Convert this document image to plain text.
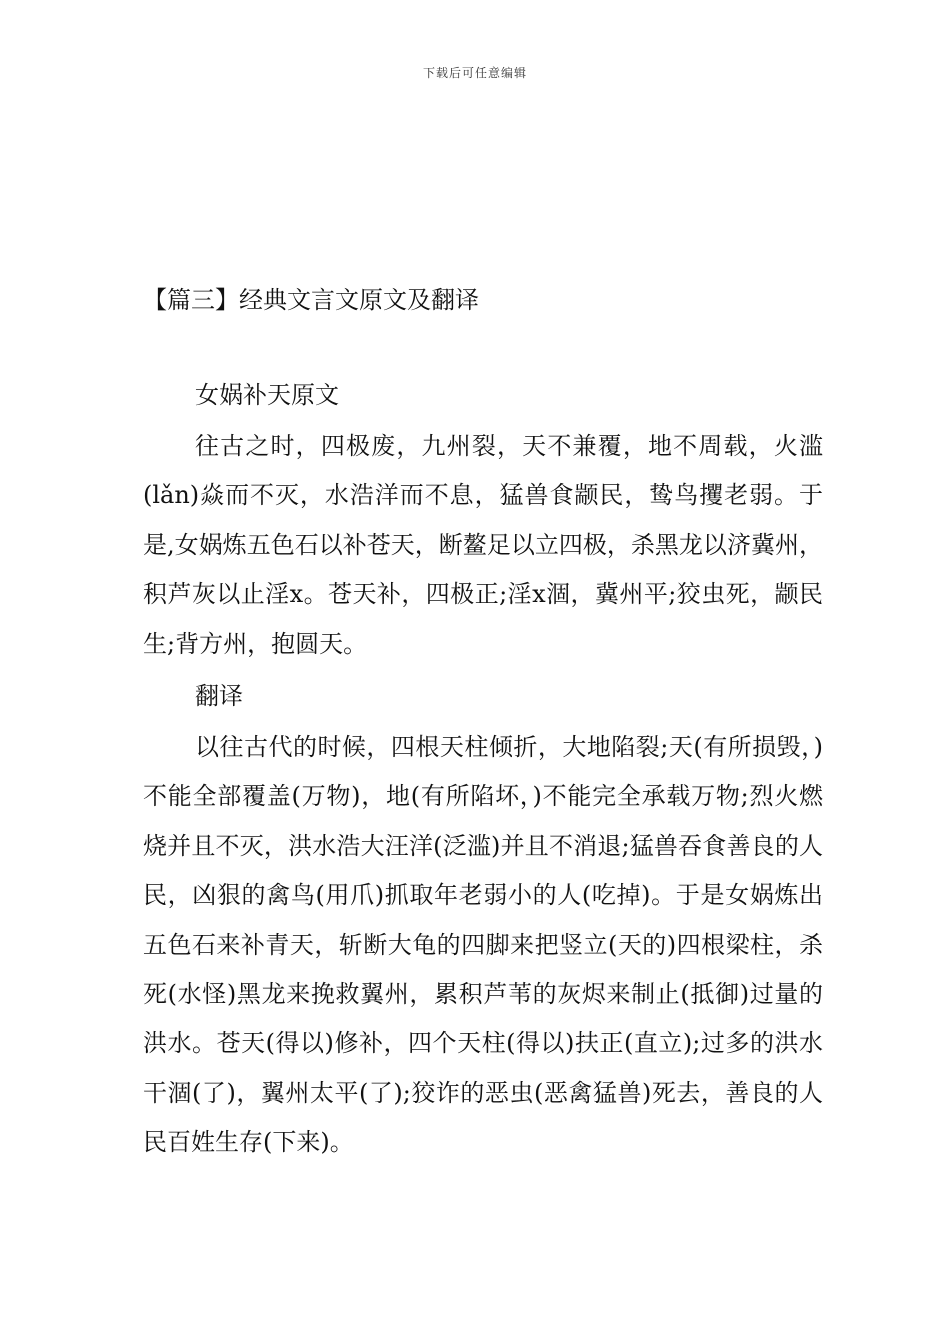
下载后可任意编辑
【篇三】经典文言文原文及翻译
女娲补天原文

往古之时，四极废，九州裂，天不兼覆，地不周载，火滥(lǎn)焱而不灭，水浩洋而不息，猛兽食颛民，鸷鸟攫老弱。于是,女娲炼五色石以补苍天，断鳌足以立四极，杀黑龙以济冀州，积芦灰以止淫x。苍天补，四极正;淫x涸，冀州平;狡虫死，颛民生;背方州，抱圆天。

翻译

以往古代的时候，四根天柱倾折，大地陷裂;天(有所损毁，)不能全部覆盖(万物)，地(有所陷坏，)不能完全承载万物;烈火燃烧并且不灭，洪水浩大汪洋(泛滥)并且不消退;猛兽吞食善良的人民，凶狠的禽鸟(用爪)抓取年老弱小的人(吃掉)。于是女娲炼出五色石来补青天，斩断大龟的四脚来把竖立(天的)四根梁柱，杀死(水怪)黑龙来挽救翼州，累积芦苇的灰烬来制止(抵御)过量的洪水。苍天(得以)修补，四个天柱(得以)扶正(直立);过多的洪水干涸(了)，翼州太平(了);狡诈的恶虫(恶禽猛兽)死去，善良的人民百姓生存(下来)。
